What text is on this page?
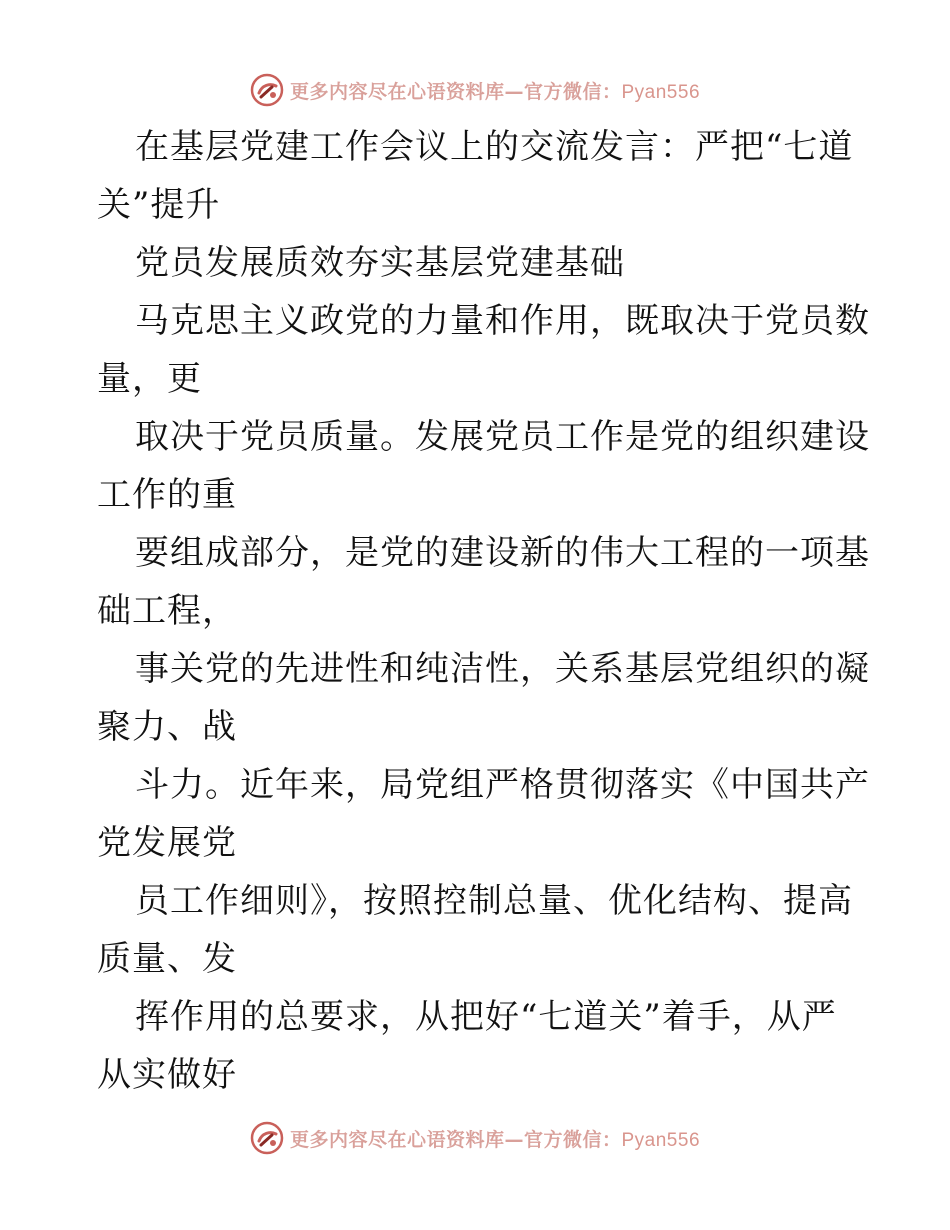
更多内容尽在心语资料库—官方微信：Pyan556
在基层党建工作会议上的交流发言：严把“七道
关”提升
党员发展质效夯实基层党建基础
马克思主义政党的力量和作用，既取决于党员数
量，更
取决于党员质量。发展党员工作是党的组织建设
工作的重
要组成部分，是党的建设新的伟大工程的一项基
础工程，
事关党的先进性和纯洁性，关系基层党组织的凝
聚力、战
斗力。近年来，局党组严格贯彻落实《中国共产
党发展党
员工作细则》，按照控制总量、优化结构、提高
质量、发
挥作用的总要求，从把好“七道关”着手，从严
从实做好
更多内容尽在心语资料库—官方微信：Pyan556
